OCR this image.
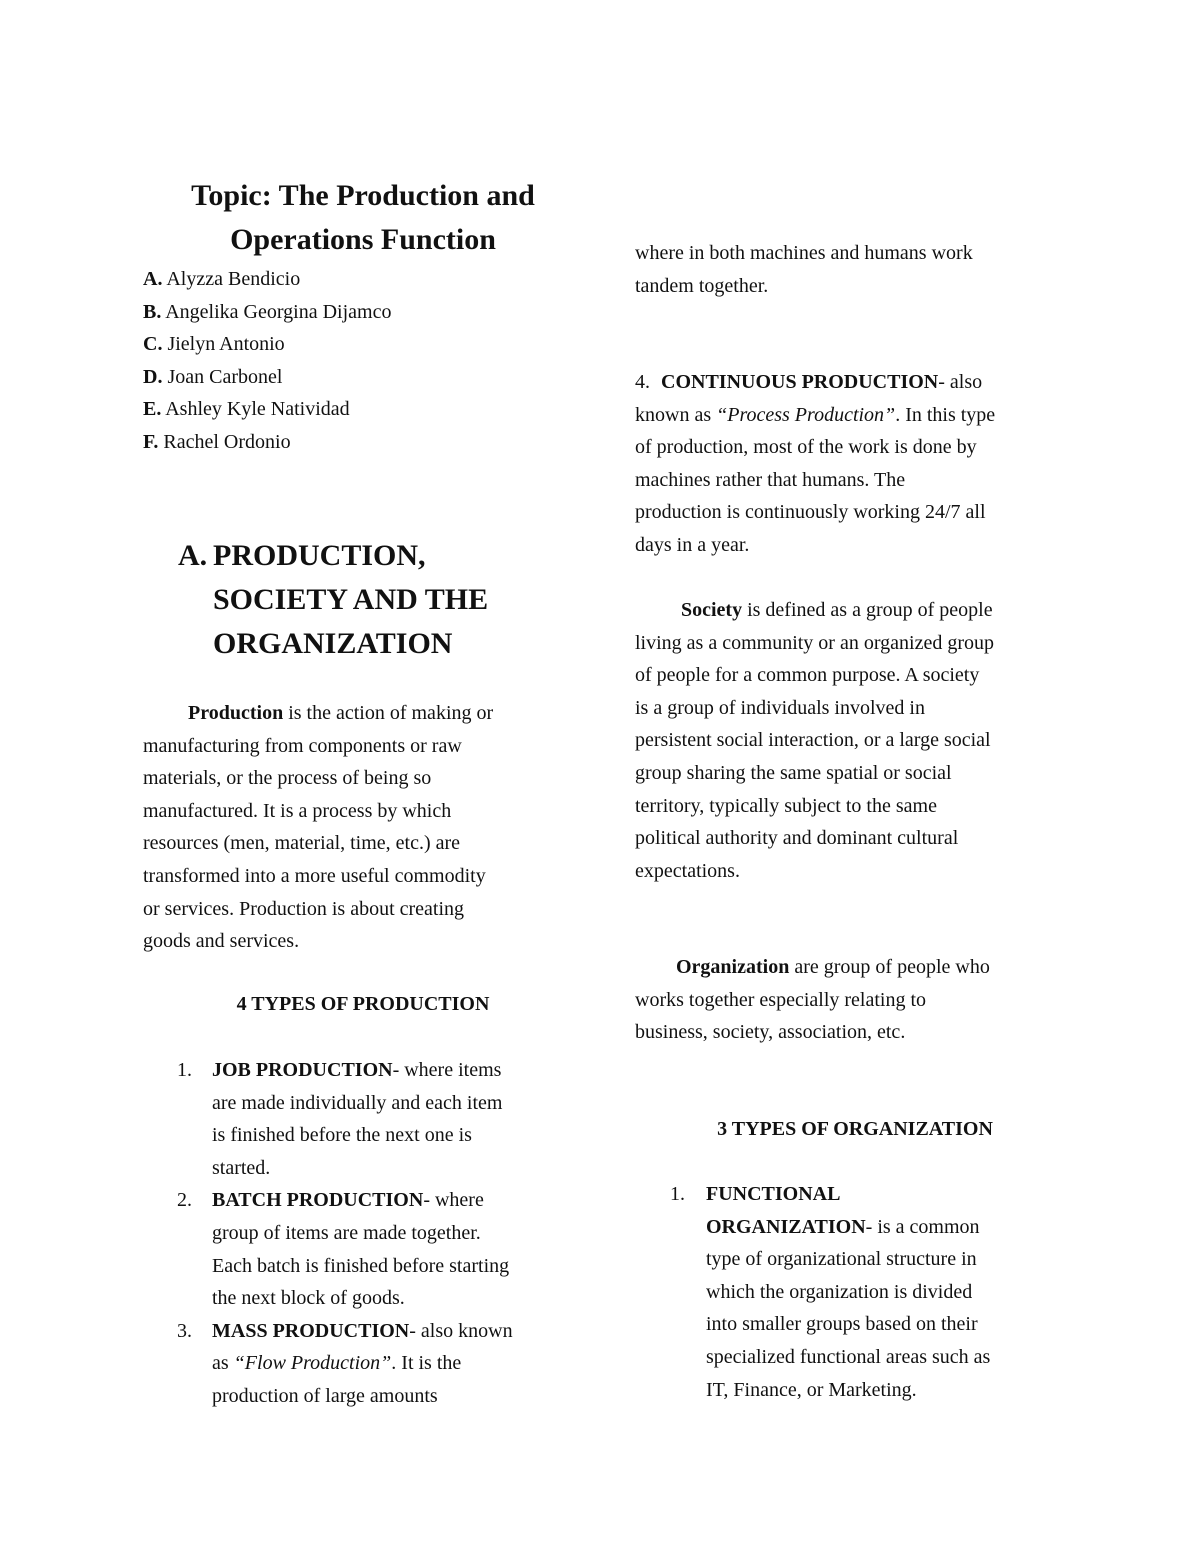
Topic: The Production and
Operations Function
A. Alyzza Bendicio
B. Angelika Georgina Dijamco
C. Jielyn Antonio
D. Joan Carbonel
E. Ashley Kyle Natividad
F. Rachel Ordonio
A. PRODUCTION,
SOCIETY AND THE
ORGANIZATION
Production is the action of making or
manufacturing from components or raw
materials, or the process of being so
manufactured. It is a process by which
resources (men, material, time, etc.) are
transformed into a more useful commodity
or services. Production is about creating
goods and services.
4 TYPES OF PRODUCTION
1. JOB PRODUCTION- where items
are made individually and each item
is finished before the next one is
started.
2. BATCH PRODUCTION- where
group of items are made together.
Each batch is finished before starting
the next block of goods.
3. MASS PRODUCTION- also known
as “Flow Production”. It is the
production of large amounts
where in both machines and humans work
tandem together.
4. CONTINUOUS PRODUCTION- also
known as “Process Production”. In this type
of production, most of the work is done by
machines rather that humans. The
production is continuously working 24/7 all
days in a year.
Society is defined as a group of people
living as a community or an organized group
of people for a common purpose. A society
is a group of individuals involved in
persistent social interaction, or a large social
group sharing the same spatial or social
territory, typically subject to the same
political authority and dominant cultural
expectations.
Organization are group of people who
works together especially relating to
business, society, association, etc.
3 TYPES OF ORGANIZATION
1. FUNCTIONAL
ORGANIZATION- is a common
type of organizational structure in
which the organization is divided
into smaller groups based on their
specialized functional areas such as
IT, Finance, or Marketing.
